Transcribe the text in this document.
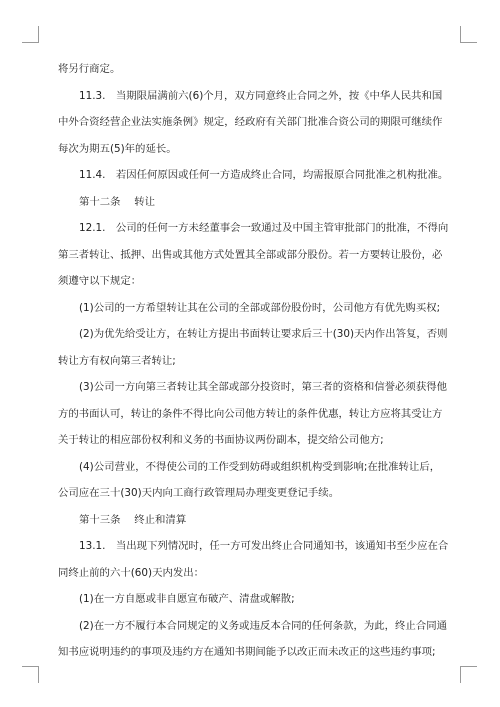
将另行商定。
11.3.　当期限届满前六(6)个月，双方同意终止合同之外，按《中华人民共和国
中外合资经营企业法实施条例》规定，经政府有关部门批准合资公司的期限可继续作
每次为期五(5)年的延长。
11.4.　若因任何原因或任何一方造成终止合同，均需报原合同批准之机构批准。
第十二条　 转让
12.1.　公司的任何一方未经董事会一致通过及中国主管审批部门的批准，不得向
第三者转让、抵押、出售或其他方式处置其全部或部分股份。若一方要转让股份，必
须遵守以下规定：
(1)公司的一方希望转让其在公司的全部或部份股份时，公司他方有优先购买权;
(2)为优先给受让方，在转让方提出书面转让要求后三十(30)天内作出答复，否则
转让方有权向第三者转让;
(3)公司一方向第三者转让其全部或部分投资时，第三者的资格和信誉必须获得他
方的书面认可，转让的条件不得比向公司他方转让的条件优惠，转让方应将其受让方
关于转让的相应部份权利和义务的书面协议两份副本，提交给公司他方;
(4)公司营业，不得使公司的工作受到妨碍或组织机构受到影响;在批准转让后，
公司应在三十(30)天内向工商行政管理局办理变更登记手续。
第十三条　 终止和清算
13.1.　当出现下列情况时，任一方可发出终止合同通知书，该通知书至少应在合
同终止前的六十(60)天内发出：
(1)在一方自愿或非自愿宣布破产、清盘或解散;
(2)在一方不履行本合同规定的义务或违反本合同的任何条款，为此，终止合同通
知书应说明违约的事项及违约方在通知书期间能予以改正而未改正的这些违约事项;
